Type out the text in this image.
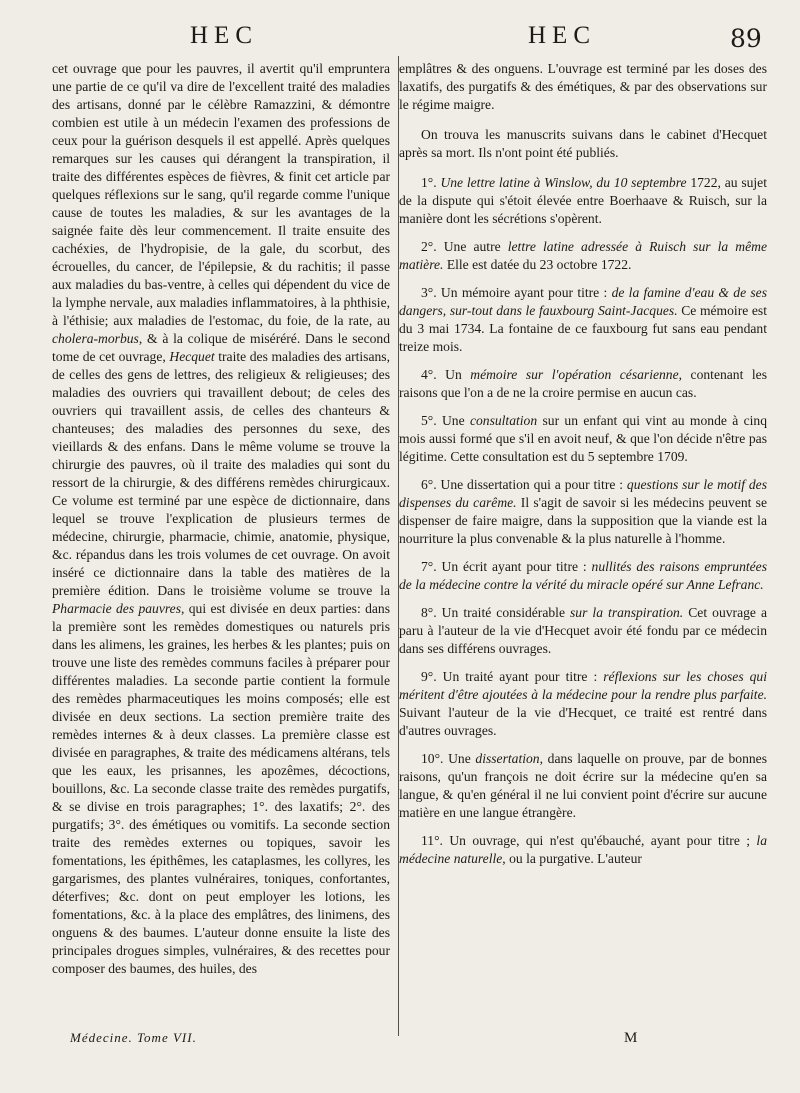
HEC	HEC	89

cet ouvrage que pour les pauvres, il avertit qu'il empruntera une partie de ce qu'il va dire de l'excellent traité des maladies des artisans, donné par le célèbre Ramazzini, & démontre combien est utile à un médecin l'examen des professions de ceux pour la guérison desquels il est appellé. Après quelques remarques sur les causes qui dérangent la transpiration, il traite des différentes espèces de fièvres, & finit cet article par quelques réflexions sur le sang, qu'il regarde comme l'unique cause de toutes les maladies, & sur les avantages de la saignée faite dès leur commencement. Il traite ensuite des cachéxies, de l'hydropisie, de la gale, du scorbut, des écrouelles, du cancer, de l'épilepsie, & du rachitis; il passe aux maladies du bas-ventre, à celles qui dépendent du vice de la lymphe nervale, aux maladies inflammatoires, à la phthisie, à l'éthisie; aux maladies de l'estomac, du foie, de la rate, au cholera-morbus, & à la colique de miséréré. Dans le second tome de cet ouvrage, Hecquet traite des maladies des artisans, de celles des gens de lettres, des religieux & religieuses; des maladies des ouvriers qui travaillent debout; de celes des ouvriers qui travaillent assis, de celles des chanteurs & chanteuses; des maladies des personnes du sexe, des vieillards & des enfans. Dans le même volume se trouve la chirurgie des pauvres, où il traite des maladies qui sont du ressort de la chirurgie, & des différens remèdes chirurgicaux. Ce volume est terminé par une espèce de dictionnaire, dans lequel se trouve l'explication de plusieurs termes de médecine, chirurgie, pharmacie, chimie, anatomie, physique, &c. répandus dans les trois volumes de cet ouvrage. On avoit inséré ce dictionnaire dans la table des matières de la première édition. Dans le troisième volume se trouve la Pharmacie des pauvres, qui est divisée en deux parties: dans la première sont les remèdes domestiques ou naturels pris dans les alimens, les graines, les herbes & les plantes; puis on trouve une liste des remèdes communs faciles à préparer pour différentes maladies. La seconde partie contient la formule des remèdes pharmaceutiques les moins composés; elle est divisée en deux sections. La section première traite des remèdes internes & à deux classes. La première classe est divisée en paragraphes, & traite des médicamens altérans, tels que les eaux, les prisannes, les apozêmes, décoctions, bouillons, &c. La seconde classe traite des remèdes purgatifs, & se divise en trois paragraphes; 1°. des laxatifs; 2°. des purgatifs; 3°. des émétiques ou vomitifs. La seconde section traite des remèdes externes ou topiques, savoir les fomentations, les épithêmes, les cataplasmes, les collyres, les gargarismes, des plantes vulnéraires, toniques, confortantes, déterfives; &c. dont on peut employer les lotions, les fomentations, &c. à la place des emplâtres, des linimens, des onguens & des baumes. L'auteur donne ensuite la liste des principales drogues simples, vulnéraires, & des recettes pour composer des baumes, des huiles, des

emplâtres & des onguens. L'ouvrage est terminé par les doses des laxatifs, des purgatifs & des émétiques, & par des observations sur le régime maigre.

On trouva les manuscrits suivans dans le cabinet d'Hecquet après sa mort. Ils n'ont point été publiés.

1°. Une lettre latine à Winslow, du 10 septembre 1722, au sujet de la dispute qui s'étoit élevée entre Boerhaave & Ruisch, sur la manière dont les sécrétions s'opèrent.

2°. Une autre lettre latine adressée à Ruisch sur la même matière. Elle est datée du 23 octobre 1722.

3°. Un mémoire ayant pour titre : de la famine d'eau & de ses dangers, sur-tout dans le fauxbourg Saint-Jacques. Ce mémoire est du 3 mai 1734. La fontaine de ce fauxbourg fut sans eau pendant treize mois.

4°. Un mémoire sur l'opération césarienne, contenant les raisons que l'on a de ne la croire permise en aucun cas.

5°. Une consultation sur un enfant qui vint au monde à cinq mois aussi formé que s'il en avoit neuf, & que l'on décide n'être pas légitime. Cette consultation est du 5 septembre 1709.

6°. Une dissertation qui a pour titre : questions sur le motif des dispenses du carême. Il s'agit de savoir si les médecins peuvent se dispenser de faire maigre, dans la supposition que la viande est la nourriture la plus convenable & la plus naturelle à l'homme.

7°. Un écrit ayant pour titre : nullités des raisons empruntées de la médecine contre la vérité du miracle opéré sur Anne Lefranc.

8°. Un traité considérable sur la transpiration. Cet ouvrage a paru à l'auteur de la vie d'Hecquet avoir été fondu par ce médecin dans ses différens ouvrages.

9°. Un traité ayant pour titre : réflexions sur les choses qui méritent d'être ajoutées à la médecine pour la rendre plus parfaite. Suivant l'auteur de la vie d'Hecquet, ce traité est rentré dans d'autres ouvrages.

10°. Une dissertation, dans laquelle on prouve, par de bonnes raisons, qu'un françois ne doit écrire sur la médecine qu'en sa langue, & qu'en général il ne lui convient point d'écrire sur aucune matière en une langue étrangère.

11°. Un ouvrage, qui n'est qu'ébauché, ayant pour titre ; la médecine naturelle, ou la purgative. L'auteur

Médecine. Tome VII.	M
